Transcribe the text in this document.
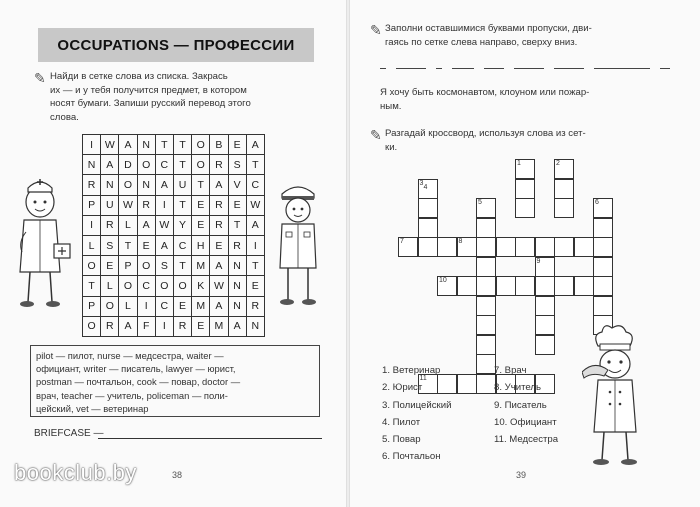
OCCUPATIONS — ПРОФЕССИИ
✎ Найди в сетке слова из списка. Закрась
их — и у тебя получится предмет, в котором
носят бумаги. Запиши русский перевод этого
слова.
I	W A	N	T	T	O	B	E	A
N	A	D O C	T	O R	S	T
R	N O N	A	U	T	A	V	C
P	U W R	I	T	E	R	E W
I	R	L	A W Y	E	R	T	A
L	S	T	E	A	C	H	E	R	I
O	E	P	O	S	T	M A	N	T
T	L	O C O O	K W N	E
P	O	L	I	C	E M A	N	R
O R	A	F	I	R	E M A	N
pilot — пилот, nurse — медсестра, waiter —
официант, writer — писатель, lawyer — юрист,
postman — почтальон, cook — повар, doctor —
врач, teacher — учитель, policeman — поли-
цейский, vet — ветеринар
BRIEFCASE —
38
bookclub.by
✎ Заполни оставшимися буквами пропуски, дви-
гаясь по сетке слева направо, сверху вниз.
Я хочу быть космонавтом, клоуном или пожар-
ным.
✎ Разгадай кроссворд, используя слова из сет-
ки.
1	2
3
4
5	6
7	8
9
10
11
1. Ветеринар
2. Юрист
3. Полицейский
4. Пилот
5. Повар
6. Почтальон
7. Врач
8. Учитель
9. Писатель
10. Официант
11. Медсестра
39
